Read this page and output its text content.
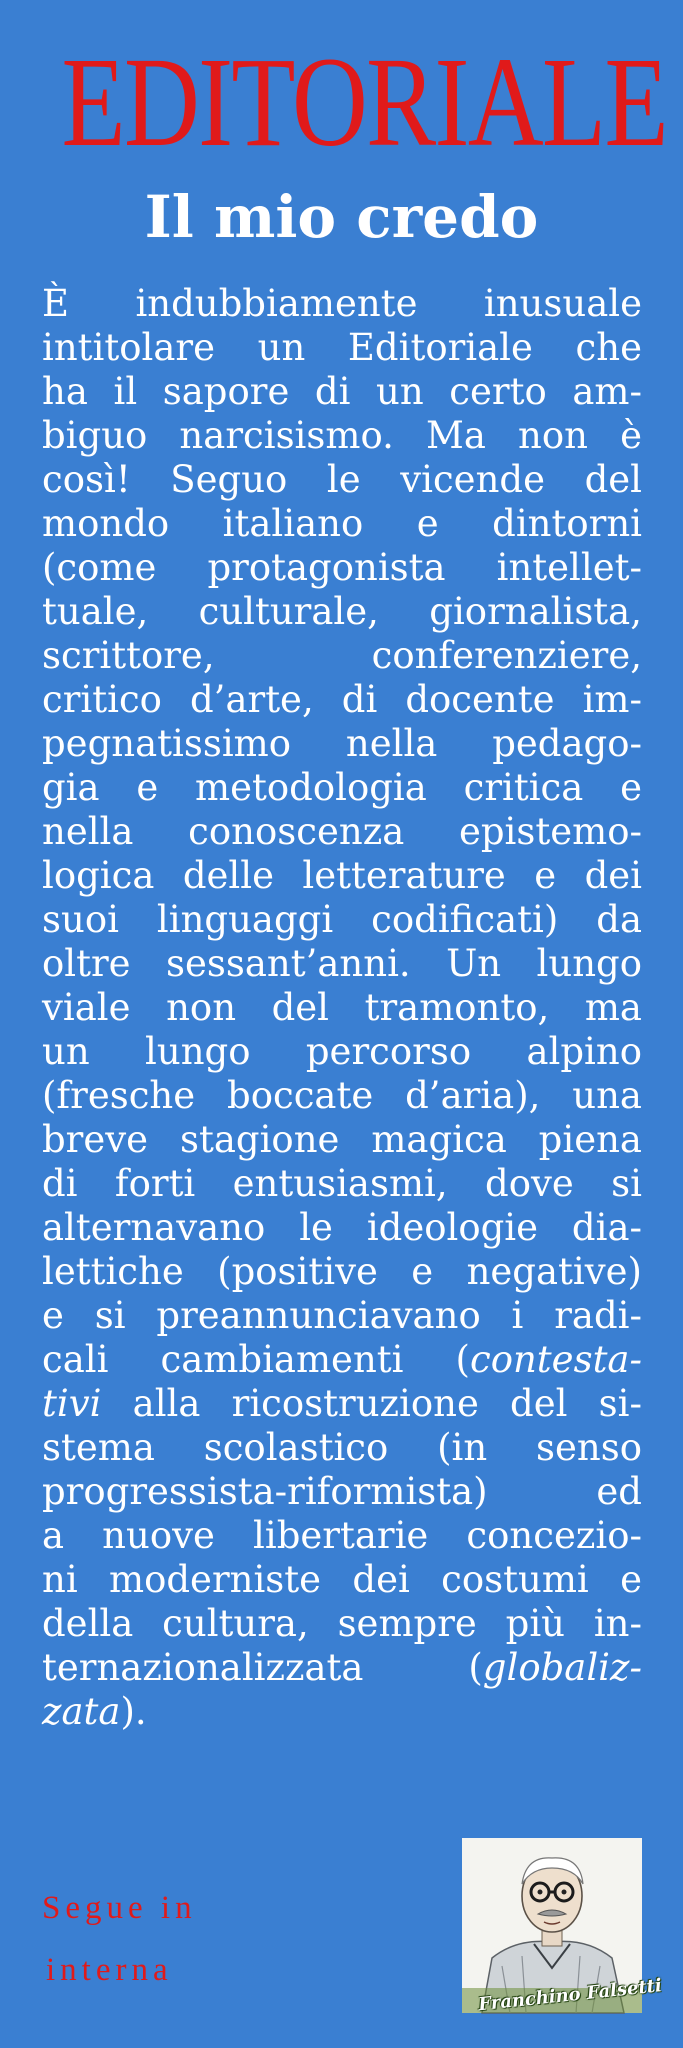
EDITORIALE
Il mio credo
È indubbiamente inusuale
intitolare un Editoriale che
ha il sapore di un certo am-
biguo narcisismo. Ma non è
così! Seguo le vicende del
mondo italiano e dintorni
(come protagonista intellet-
tuale, culturale, giornalista,
scrittore, conferenziere,
critico d’arte, di docente im-
pegnatissimo nella pedago-
gia e metodologia critica e
nella conoscenza epistemo-
logica delle letterature e dei
suoi linguaggi codificati) da
oltre sessant’anni. Un lungo
viale non del tramonto, ma
un lungo percorso alpino
(fresche boccate d’aria), una
breve stagione magica piena
di forti entusiasmi, dove si
alternavano le ideologie dia-
lettiche (positive e negative)
e si preannunciavano i radi-
cali cambiamenti (contesta-
tivi alla ricostruzione del si-
stema scolastico (in senso
progressista-riformista) ed
a nuove libertarie concezio-
ni moderniste dei costumi e
della cultura, sempre più in-
ternazionalizzata (globaliz-
zata).
Segue in
interna
Franchino Falsetti
